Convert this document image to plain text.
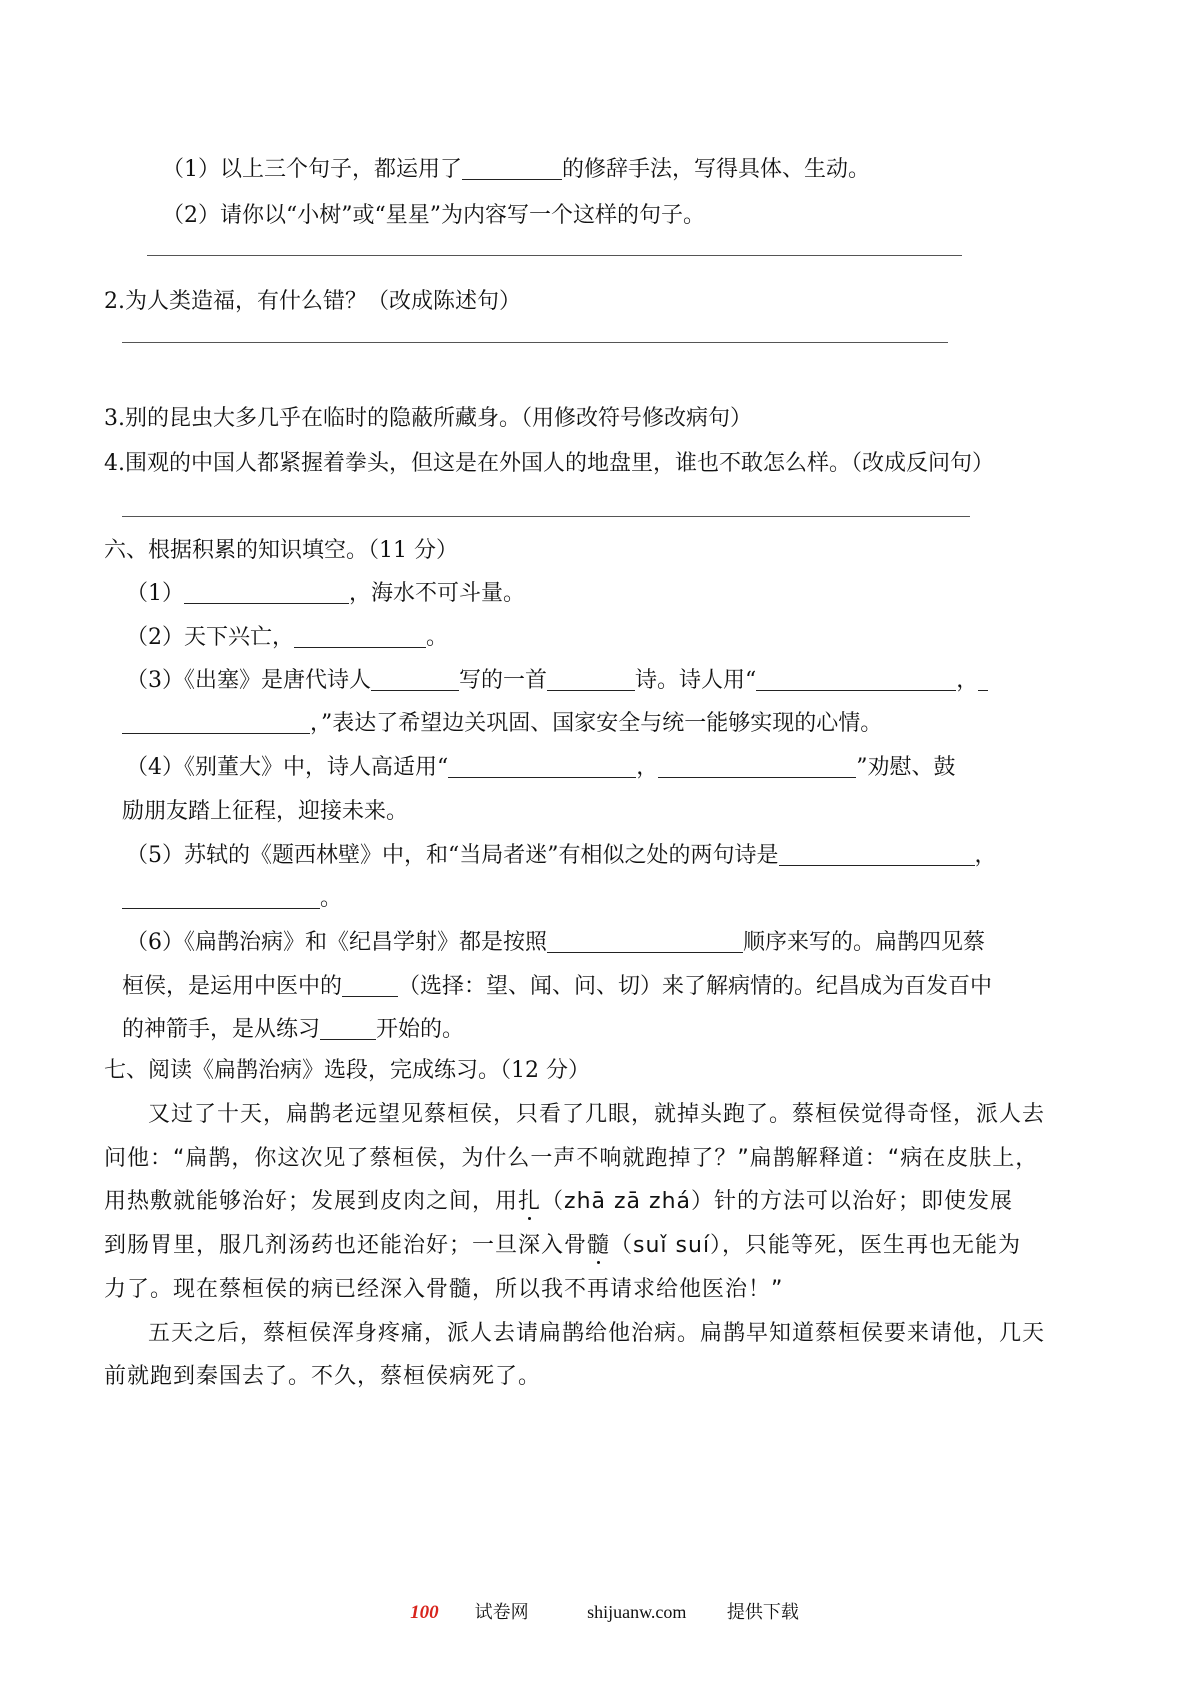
（1）以上三个句子，都运用了	的修辞手法，写得具体、生动。
（2）请你以“小树”或“星星”为内容写一个这样的句子。
2.为人类造福，有什么错？（改成陈述句）
3.别的昆虫大多几乎在临时的隐蔽所藏身。（用修改符号修改病句）
4.围观的中国人都紧握着拳头，但这是在外国人的地盘里，谁也不敢怎么样。（改成反问句）
六、根据积累的知识填空。（11 分）
（1）	，海水不可斗量。
（2）天下兴亡，	。
（3）《出塞》是唐代诗人	写的一首	诗。诗人用“	，
，”表达了希望边关巩固、国家安全与统一能够实现的心情。
（4）《别董大》中，诗人高适用“	，	”劝慰、鼓
励朋友踏上征程，迎接未来。
（5）苏轼的《题西林壁》中，和“当局者迷”有相似之处的两句诗是	，
。
（6）《扁鹊治病》和《纪昌学射》都是按照	顺序来写的。扁鹊四见蔡
桓侯，是运用中医中的	（选择：望、闻、问、切）来了解病情的。纪昌成为百发百中
的神箭手，是从练习	开始的。
七、阅读《扁鹊治病》选段，完成练习。（12 分）
又过了十天，扁鹊老远望见蔡桓侯，只看了几眼，就掉头跑了。蔡桓侯觉得奇怪，派人去
问他：“扁鹊，你这次见了蔡桓侯，为什么一声不响就跑掉了？”扁鹊解释道：“病在皮肤上，
用热敷就能够治好；发展到皮肉之间，用扎（zhā zā zhá）针的方法可以治好；即使发展
到肠胃里，服几剂汤药也还能治好；一旦深入骨髓（suǐ suí），只能等死，医生再也无能为
力了。现在蔡桓侯的病已经深入骨髓，所以我不再请求给他医治！”
五天之后，蔡桓侯浑身疼痛，派人去请扁鹊给他治病。扁鹊早知道蔡桓侯要来请他，几天
前就跑到秦国去了。不久，蔡桓侯病死了。
100 试卷网	shijuanw.com 提供下载
